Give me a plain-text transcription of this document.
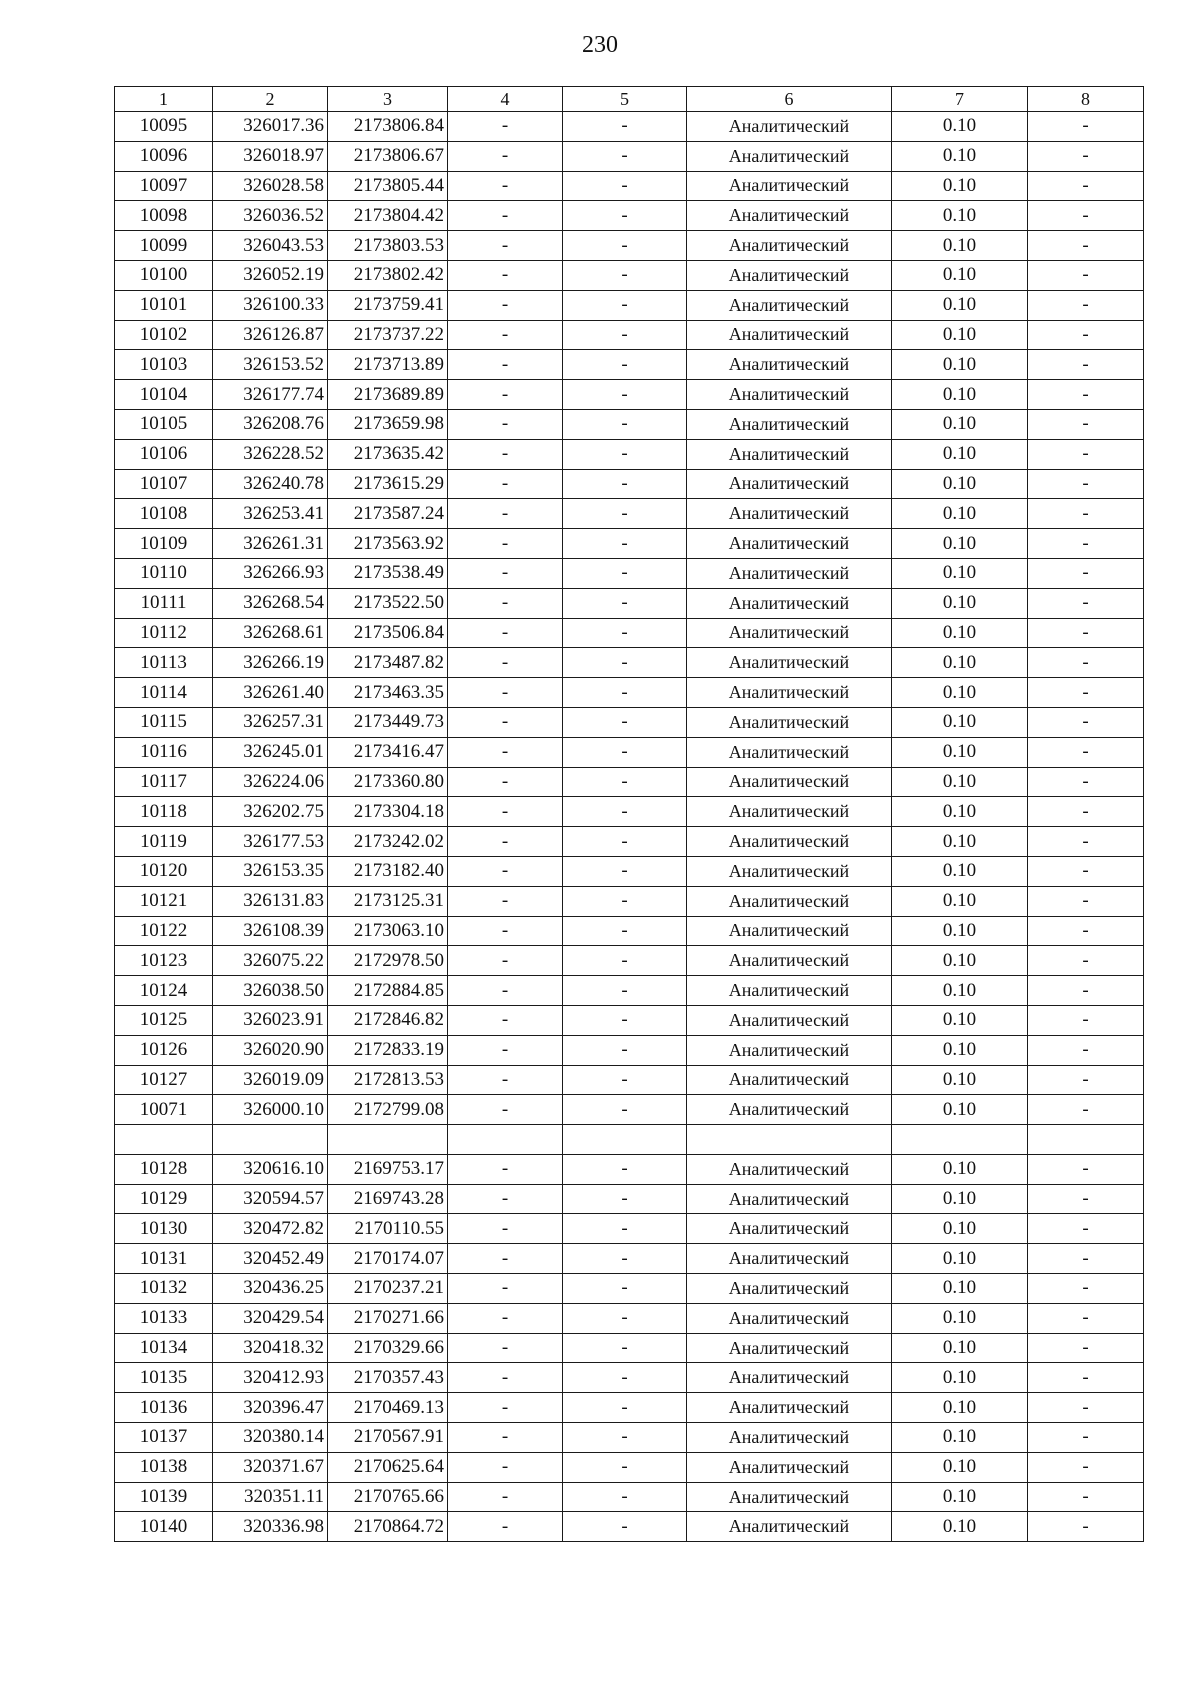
230
1	2	3	4	5	6	7	8
10095	326017.36	2173806.84	-	-	Аналитический	0.10	-
10096	326018.97	2173806.67	-	-	Аналитический	0.10	-
10097	326028.58	2173805.44	-	-	Аналитический	0.10	-
10098	326036.52	2173804.42	-	-	Аналитический	0.10	-
10099	326043.53	2173803.53	-	-	Аналитический	0.10	-
10100	326052.19	2173802.42	-	-	Аналитический	0.10	-
10101	326100.33	2173759.41	-	-	Аналитический	0.10	-
10102	326126.87	2173737.22	-	-	Аналитический	0.10	-
10103	326153.52	2173713.89	-	-	Аналитический	0.10	-
10104	326177.74	2173689.89	-	-	Аналитический	0.10	-
10105	326208.76	2173659.98	-	-	Аналитический	0.10	-
10106	326228.52	2173635.42	-	-	Аналитический	0.10	-
10107	326240.78	2173615.29	-	-	Аналитический	0.10	-
10108	326253.41	2173587.24	-	-	Аналитический	0.10	-
10109	326261.31	2173563.92	-	-	Аналитический	0.10	-
10110	326266.93	2173538.49	-	-	Аналитический	0.10	-
10111	326268.54	2173522.50	-	-	Аналитический	0.10	-
10112	326268.61	2173506.84	-	-	Аналитический	0.10	-
10113	326266.19	2173487.82	-	-	Аналитический	0.10	-
10114	326261.40	2173463.35	-	-	Аналитический	0.10	-
10115	326257.31	2173449.73	-	-	Аналитический	0.10	-
10116	326245.01	2173416.47	-	-	Аналитический	0.10	-
10117	326224.06	2173360.80	-	-	Аналитический	0.10	-
10118	326202.75	2173304.18	-	-	Аналитический	0.10	-
10119	326177.53	2173242.02	-	-	Аналитический	0.10	-
10120	326153.35	2173182.40	-	-	Аналитический	0.10	-
10121	326131.83	2173125.31	-	-	Аналитический	0.10	-
10122	326108.39	2173063.10	-	-	Аналитический	0.10	-
10123	326075.22	2172978.50	-	-	Аналитический	0.10	-
10124	326038.50	2172884.85	-	-	Аналитический	0.10	-
10125	326023.91	2172846.82	-	-	Аналитический	0.10	-
10126	326020.90	2172833.19	-	-	Аналитический	0.10	-
10127	326019.09	2172813.53	-	-	Аналитический	0.10	-
10071	326000.10	2172799.08	-	-	Аналитический	0.10	-

10128	320616.10	2169753.17	-	-	Аналитический	0.10	-
10129	320594.57	2169743.28	-	-	Аналитический	0.10	-
10130	320472.82	2170110.55	-	-	Аналитический	0.10	-
10131	320452.49	2170174.07	-	-	Аналитический	0.10	-
10132	320436.25	2170237.21	-	-	Аналитический	0.10	-
10133	320429.54	2170271.66	-	-	Аналитический	0.10	-
10134	320418.32	2170329.66	-	-	Аналитический	0.10	-
10135	320412.93	2170357.43	-	-	Аналитический	0.10	-
10136	320396.47	2170469.13	-	-	Аналитический	0.10	-
10137	320380.14	2170567.91	-	-	Аналитический	0.10	-
10138	320371.67	2170625.64	-	-	Аналитический	0.10	-
10139	320351.11	2170765.66	-	-	Аналитический	0.10	-
10140	320336.98	2170864.72	-	-	Аналитический	0.10	-
